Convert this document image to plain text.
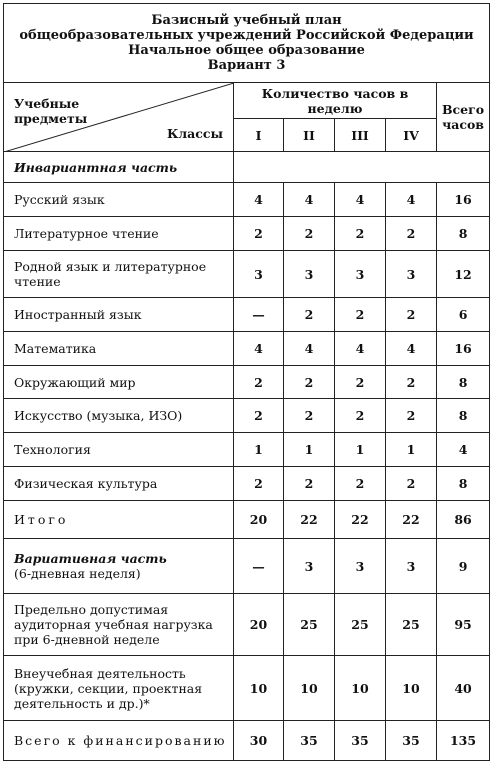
Базисный учебный план
общеобразовательных учреждений Российской Федерации
Начальное общее образование
Вариант 3					

Учебные предметы
Классы	Количество часов в неделю				Всего часов
	I	II	III	IV	
Инвариантная часть					
Русский язык	4	4	4	4	16
Литературное чтение	2	2	2	2	8
Родной язык и литературное чтение	3	3	3	3	12
Иностранный язык	—	2	2	2	6
Математика	4	4	4	4	16
Окружающий мир	2	2	2	2	8
Искусство (музыка, ИЗО)	2	2	2	2	8
Технология	1	1	1	1	4
Физическая культура	2	2	2	2	8
Итого	20	22	22	22	86

Вариативная часть
(6-дневная неделя)	—	3	3	3	9
Предельно допустимая аудиторная учебная нагрузка при 6-дневной неделе	20	25	25	25	95
Внеучебная деятельность (кружки, секции, проектная деятельность и др.)*	10	10	10	10	40
Всего к финансированию	30	35	35	35	135
